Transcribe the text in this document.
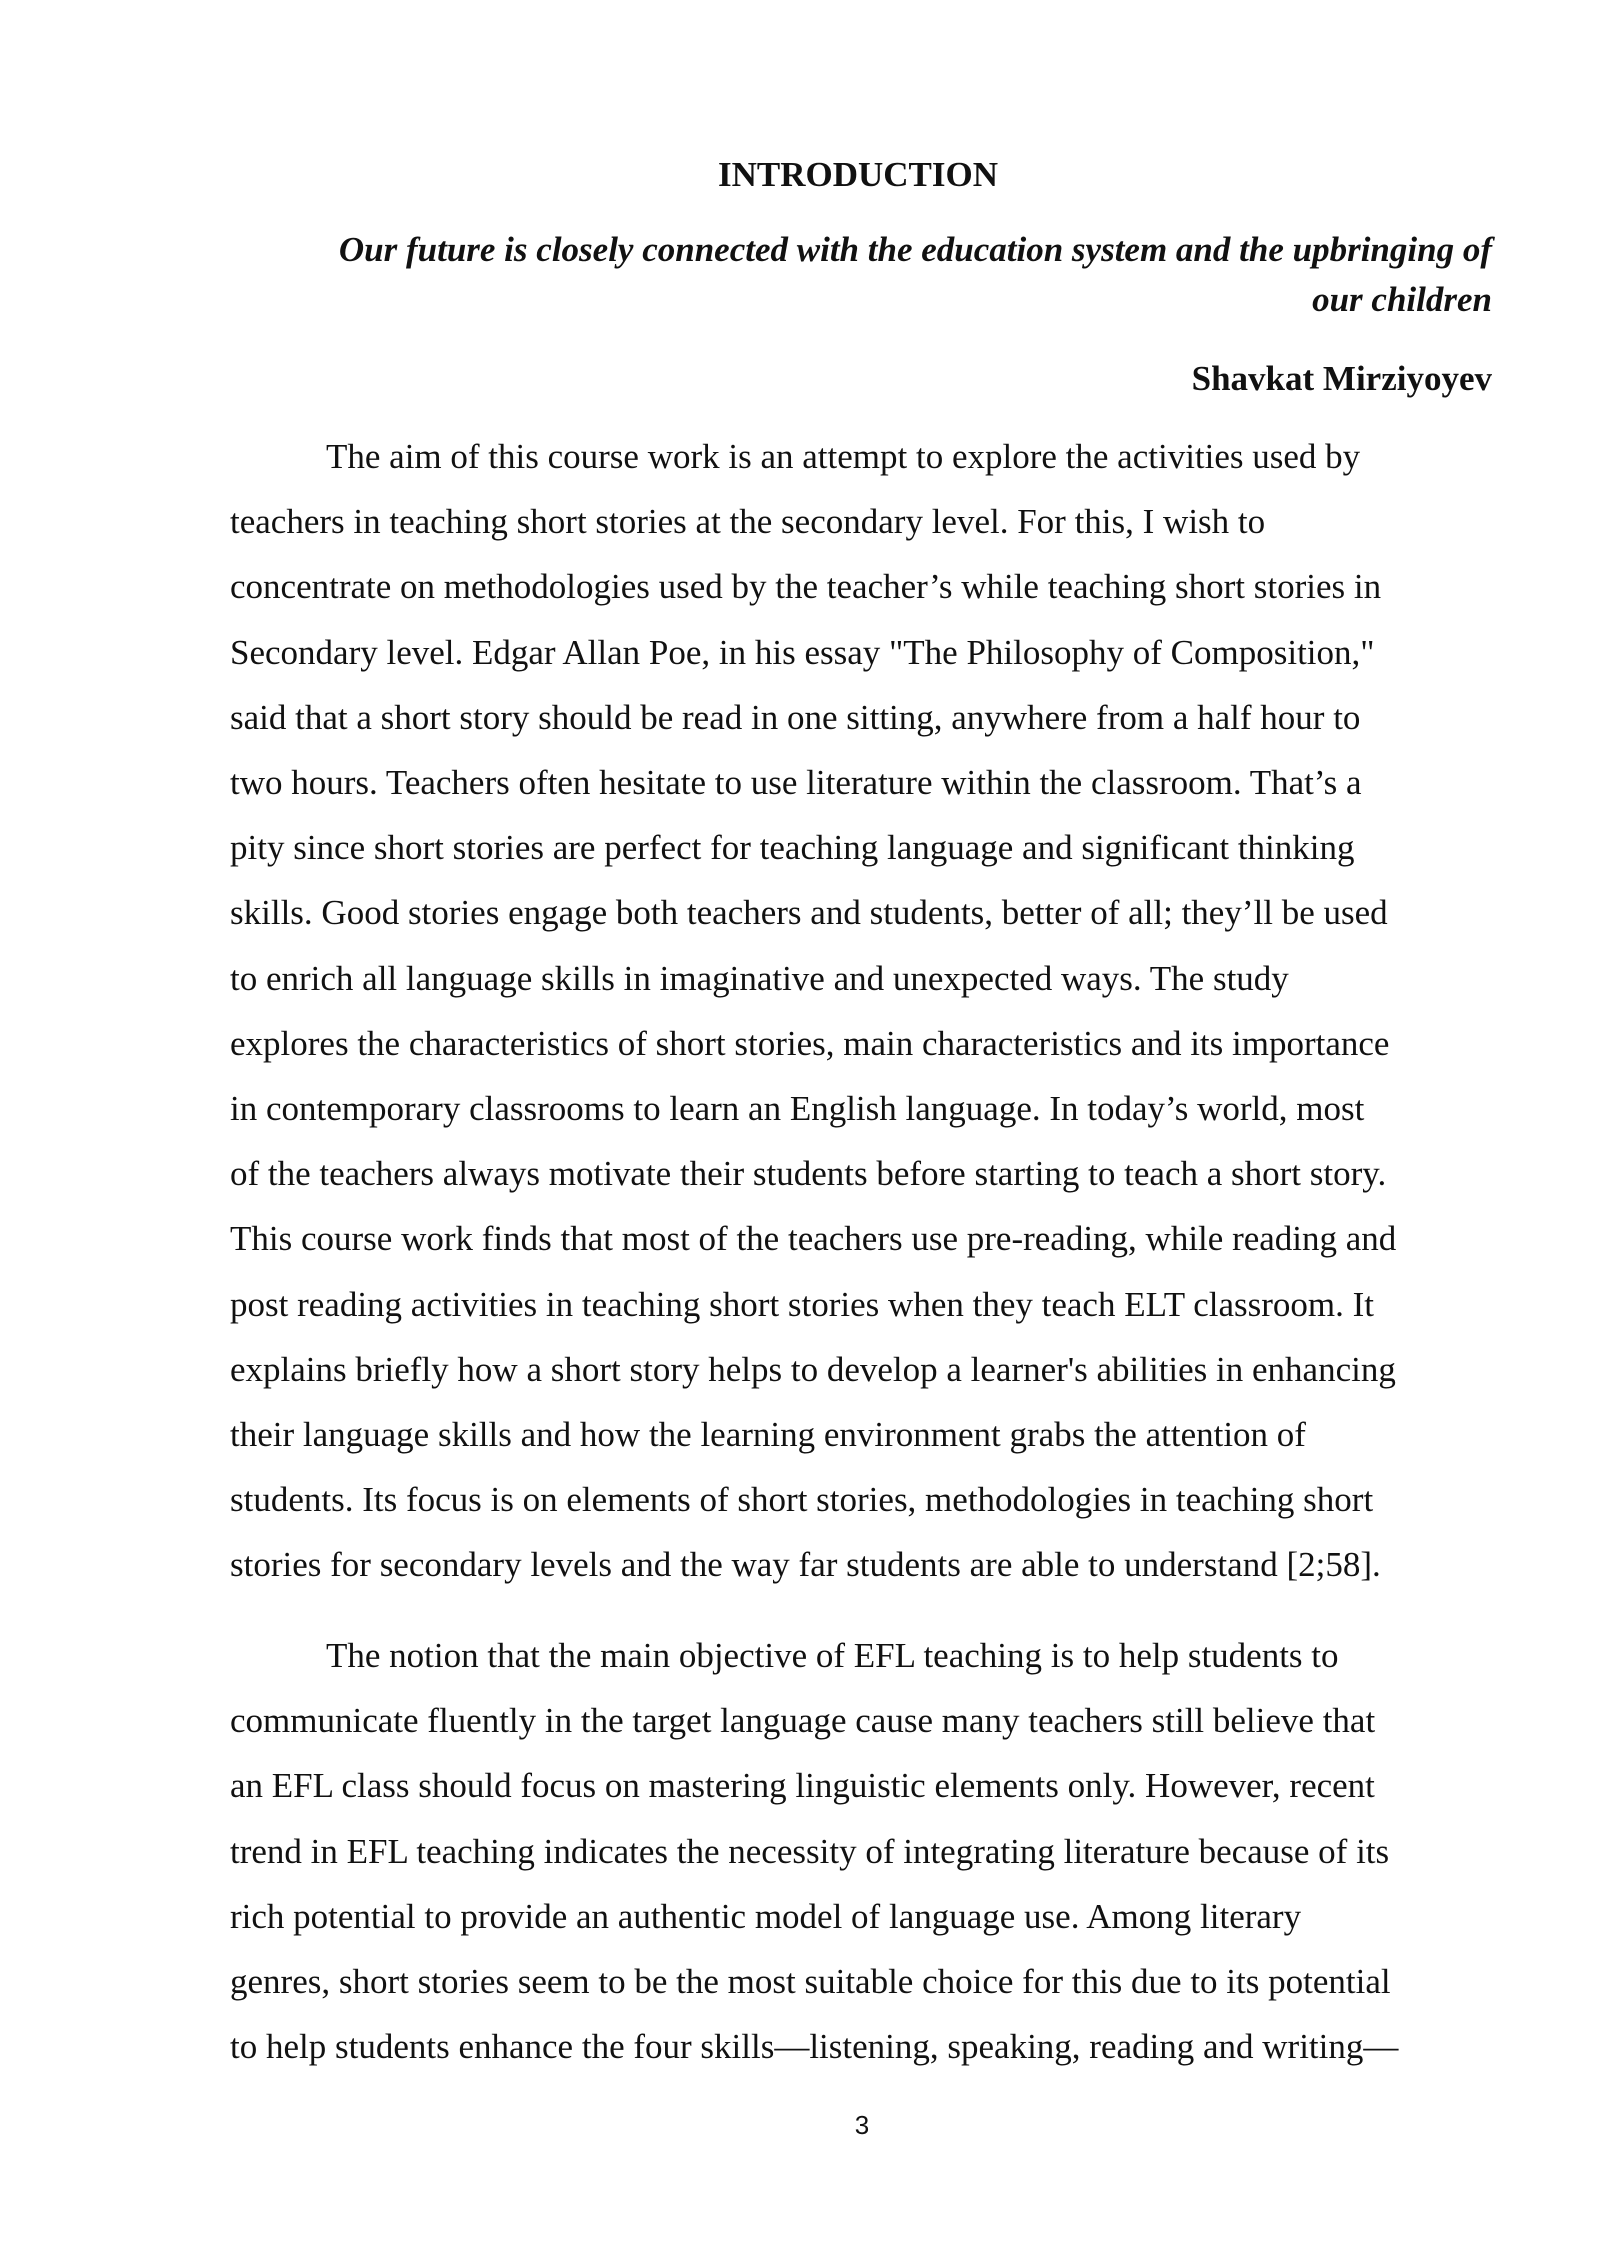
INTRODUCTION

Our future is closely connected with the education system and the upbringing of
our children

Shavkat Mirziyoyev

The aim of this course work is an attempt to explore the activities used by
teachers in teaching short stories at the secondary level. For this, I wish to
concentrate on methodologies used by the teacher’s while teaching short stories in
Secondary level. Edgar Allan Poe, in his essay "The Philosophy of Composition,"
said that a short story should be read in one sitting, anywhere from a half hour to
two hours. Teachers often hesitate to use literature within the classroom. That’s a
pity since short stories are perfect for teaching language and significant thinking
skills. Good stories engage both teachers and students, better of all; they’ll be used
to enrich all language skills in imaginative and unexpected ways. The study
explores the characteristics of short stories, main characteristics and its importance
in contemporary classrooms to learn an English language. In today’s world, most
of the teachers always motivate their students before starting to teach a short story.
This course work finds that most of the teachers use pre-reading, while reading and
post reading activities in teaching short stories when they teach ELT classroom. It
explains briefly how a short story helps to develop a learner's abilities in enhancing
their language skills and how the learning environment grabs the attention of
students. Its focus is on elements of short stories, methodologies in teaching short
stories for secondary levels and the way far students are able to understand [2;58].
The notion that the main objective of EFL teaching is to help students to
communicate fluently in the target language cause many teachers still believe that
an EFL class should focus on mastering linguistic elements only. However, recent
trend in EFL teaching indicates the necessity of integrating literature because of its
rich potential to provide an authentic model of language use. Among literary
genres, short stories seem to be the most suitable choice for this due to its potential
to help students enhance the four skills—listening, speaking, reading and writing—
3
